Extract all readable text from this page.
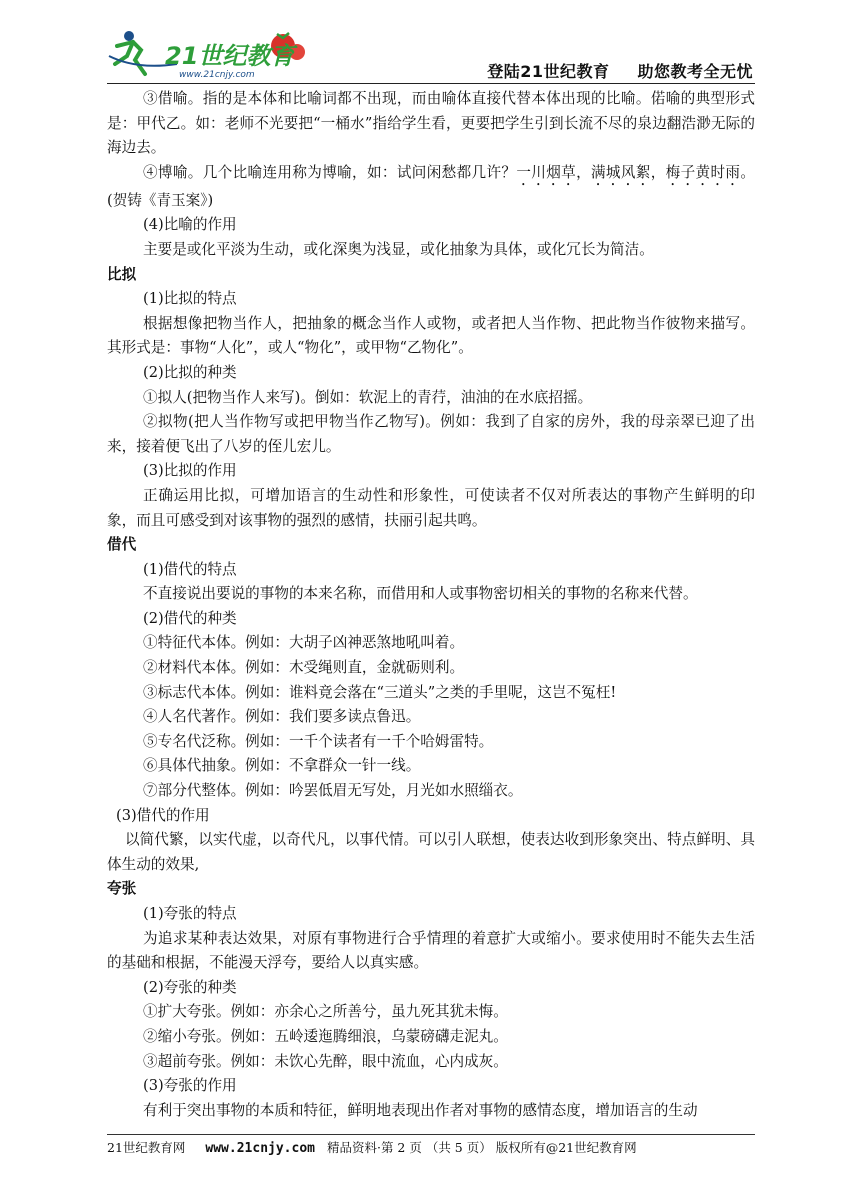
21世纪教育
www.21cnjy.com	登陆21世纪教育 助您教考全无忧

③借喻。指的是本体和比喻词都不出现，而由喻体直接代替本体出现的比喻。偌喻的典型形式是：甲代乙。如：老师不光要把“一桶水”指给学生看，更要把学生引到长流不尽的泉边翻浩渺无际的海边去。

④博喻。几个比喻连用称为博喻，如：试问闲愁都几许？一川烟草，满城风絮，梅子黄时雨。(贺铸《青玉案》)

(4)比喻的作用

主要是或化平淡为生动，或化深奥为浅显，或化抽象为具体，或化冗长为简洁。

比拟

(1)比拟的特点

根据想像把物当作人，把抽象的概念当作人或物，或者把人当作物、把此物当作彼物来描写。其形式是：事物“人化”，或人“物化”，或甲物“乙物化”。

(2)比拟的种类

①拟人(把物当作人来写)。倒如：软泥上的青荇，油油的在水底招摇。

②拟物(把人当作物写或把甲物当作乙物写)。例如：我到了自家的房外，我的母亲翠已迎了出来，接着便飞出了八岁的侄儿宏儿。

(3)比拟的作用

正确运用比拟，可增加语言的生动性和形象性，可使读者不仅对所表达的事物产生鲜明的印象，而且可感受到对该事物的强烈的感情，扶丽引起共鸣。

借代

(1)借代的特点

不直接说出要说的事物的本来名称，而借用和人或事物密切相关的事物的名称来代替。

(2)借代的种类

①特征代本体。例如：大胡子凶神恶煞地吼叫着。

②材料代本体。例如：木受绳则直，金就砺则利。

③标志代本体。例如：谁料竟会落在“三道头”之类的手里呢，这岂不冤枉!

④人名代著作。例如：我们要多读点鲁迅。

⑤专名代泛称。例如：一千个读者有一千个哈姆雷特。

⑥具体代抽象。例如：不拿群众一针一线。

⑦部分代整体。例如：吟罢低眉无写处，月光如水照缁衣。

(3)借代的作用

以简代繁，以实代虚，以奇代凡，以事代情。可以引人联想，使表达收到形象突出、特点鲜明、具体生动的效果,

夸张

(1)夸张的特点

为追求某种表达效果，对原有事物进行合乎情理的着意扩大或缩小。要求使用时不能失去生活的基础和根据，不能漫天浮夸，要给人以真实感。

(2)夸张的种类

①扩大夸张。例如：亦余心之所善兮，虽九死其犹未悔。

②缩小夸张。例如：五岭逶迤腾细浪，乌蒙磅礴走泥丸。

③超前夸张。例如：未饮心先醉，眼中流血，心内成灰。

(3)夸张的作用

有利于突出事物的本质和特征，鲜明地表现出作者对事物的感情态度，增加语言的生动

21世纪教育网 www.21cnjy.com 精品资料·第 2 页 （共 5 页） 版权所有@21世纪教育网
